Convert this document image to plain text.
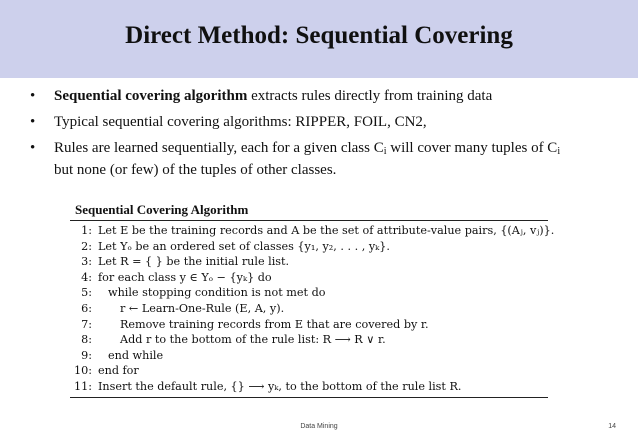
Direct Method: Sequential Covering
• Sequential covering algorithm extracts rules directly from training data
• Typical sequential covering algorithms: RIPPER, FOIL, CN2,
• Rules are learned sequentially, each for a given class $C_i$ will cover many tuples of $C_i$
but none (or few) of the tuples of other classes.
Sequential Covering Algorithm
1: Let E be the training records and A be the set of attribute-value pairs, {(Aⱼ, vⱼ)}.
2: Let Yₒ be an ordered set of classes {y₁, y₂, . . . , yₖ}.
3: Let R = { } be the initial rule list.
4: for each class y ∈ Yₒ − {yₖ} do
5: while stopping condition is not met do
6:	r ← Learn-One-Rule (E, A, y).
7:	Remove training records from E that are covered by r.
8:	Add r to the bottom of the rule list: R ⟶ R ∨ r.
9: end while
10: end for
11: Insert the default rule, {} ⟶ yₖ, to the bottom of the rule list R.
Data Mining	14
